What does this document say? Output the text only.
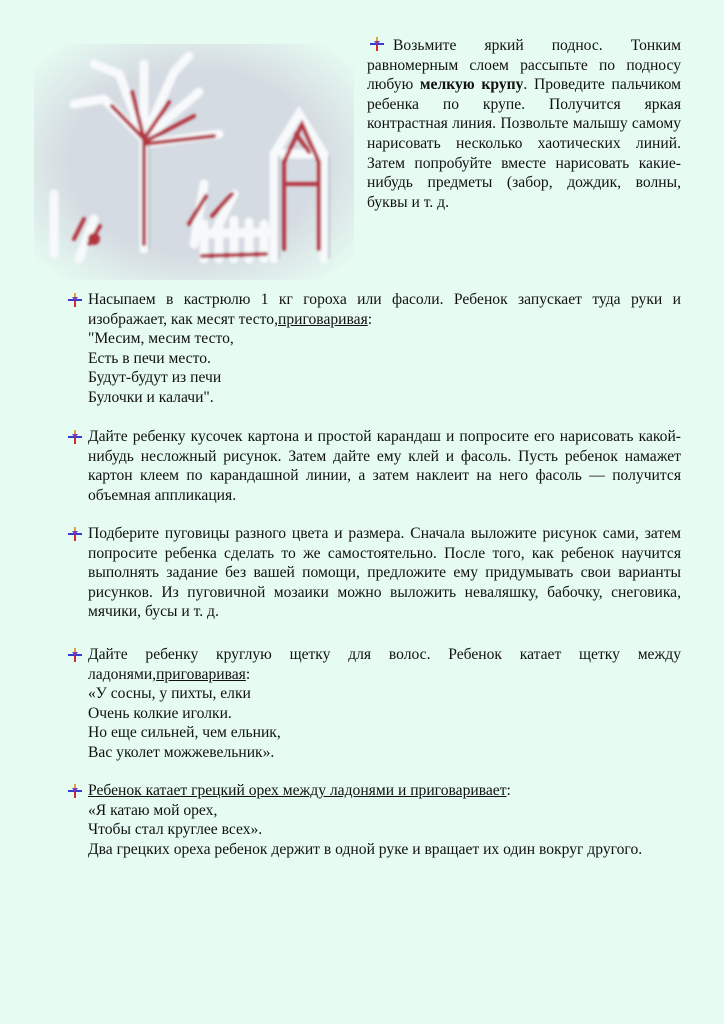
Возьмите яркий поднос. Тонким равномерным слоем рассыпьте по подносу любую мелкую крупу. Проведите пальчиком ребенка по крупе. Получится яркая контрастная линия. Позвольте малышу самому нарисовать несколько хаотических линий. Затем попробуйте вместе нарисовать какие-нибудь предметы (забор, дождик, волны, буквы и т. д.

Насыпаем в кастрюлю 1 кг гороха или фасоли. Ребенок запускает туда руки и изображает, как месят тесто,приговаривая:

"Месим, месим тесто,
Есть в печи место.
Будут-будут из печи
Булочки и калачи".

Дайте ребенку кусочек картона и простой карандаш и попросите его нарисовать какой-нибудь несложный рисунок. Затем дайте ему клей и фасоль. Пусть ребенок намажет картон клеем по карандашной линии, а затем наклеит на него фасоль — получится объемная аппликация.

Подберите пуговицы разного цвета и размера. Сначала выложите рисунок сами, затем попросите ребенка сделать то же самостоятельно. После того, как ребенок научится выполнять задание без вашей помощи, предложите ему придумывать свои варианты рисунков. Из пуговичной мозаики можно выложить неваляшку, бабочку, снеговика, мячики, бусы и т. д.

Дайте ребенку круглую щетку для волос. Ребенок катает щетку между ладонями,приговаривая:

«У сосны, у пихты, елки
Очень колкие иголки.
Но еще сильней, чем ельник,
Вас уколет можжевельник».

Ребенок катает грецкий орех между ладонями и приговаривает:

«Я катаю мой орех,
Чтобы стал круглее всех».

Два грецких ореха ребенок держит в одной руке и вращает их один вокруг другого.
